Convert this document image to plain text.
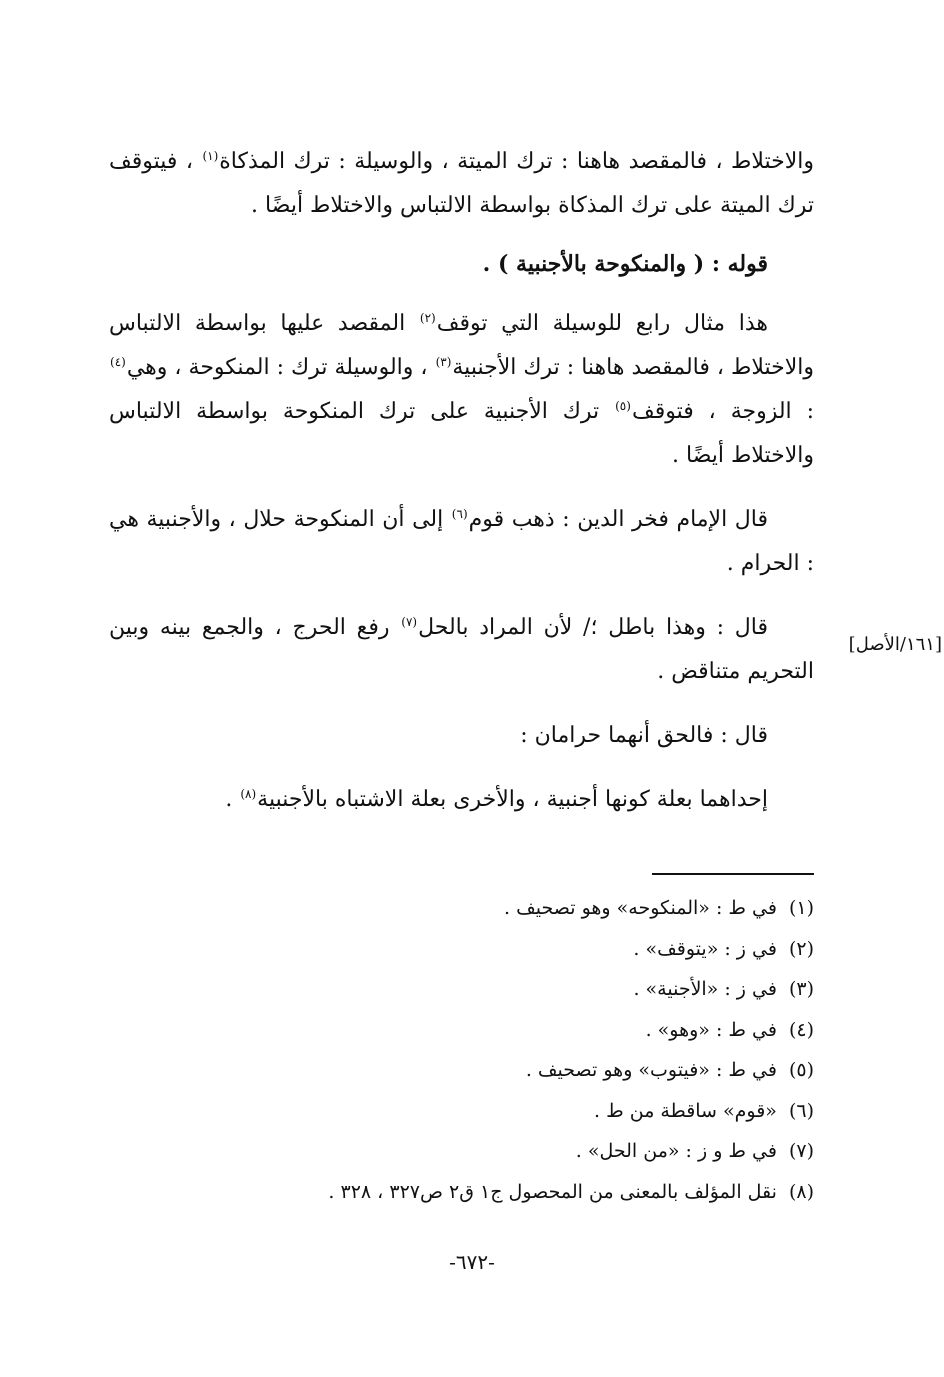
والاختلاط ، فالمقصد هاهنا : ترك الميتة ، والوسيلة : ترك المذكاة$^{(١)}$ ، فيتوقف ترك الميتة على ترك المذكاة بواسطة الالتباس والاختلاط أيضًا .

قوله : ( والمنكوحة بالأجنبية ) .

هذا مثال رابع للوسيلة التي توقف$^{(٢)}$ المقصد عليها بواسطة الالتباس والاختلاط ، فالمقصد هاهنا : ترك الأجنبية$^{(٣)}$ ، والوسيلة ترك : المنكوحة ، وهي$^{(٤)}$ : الزوجة ، فتوقف$^{(٥)}$ ترك الأجنبية على ترك المنكوحة بواسطة الالتباس والاختلاط أيضًا .

قال الإمام فخر الدين : ذهب قوم$^{(٦)}$ إلى أن المنكوحة حلال ، والأجنبية هي : الحرام .

قال : وهذا باطل ؛/ لأن المراد بالحل$^{(٧)}$ رفع الحرج ، والجمع بينه وبين التحريم متناقض .

قال : فالحق أنهما حرامان :

إحداهما بعلة كونها أجنبية ، والأخرى بعلة الاشتباه بالأجنبية$^{(٨)}$ .

[١٦١/الأصل]
(١)في ط : «المنكوحه» وهو تصحيف .
(٢)في ز : «يتوقف» .
(٣)في ز : «الأجنية» .
(٤)في ط : «وهو» .
(٥)في ط : «فيتوب» وهو تصحيف .
(٦)«قوم» ساقطة من ط .
(٧)في ط و ز : «من الحل» .
(٨)نقل المؤلف بالمعنى من المحصول ج١ ق٢ ص٣٢٧ ، ٣٢٨ .
-٦٧٢-
